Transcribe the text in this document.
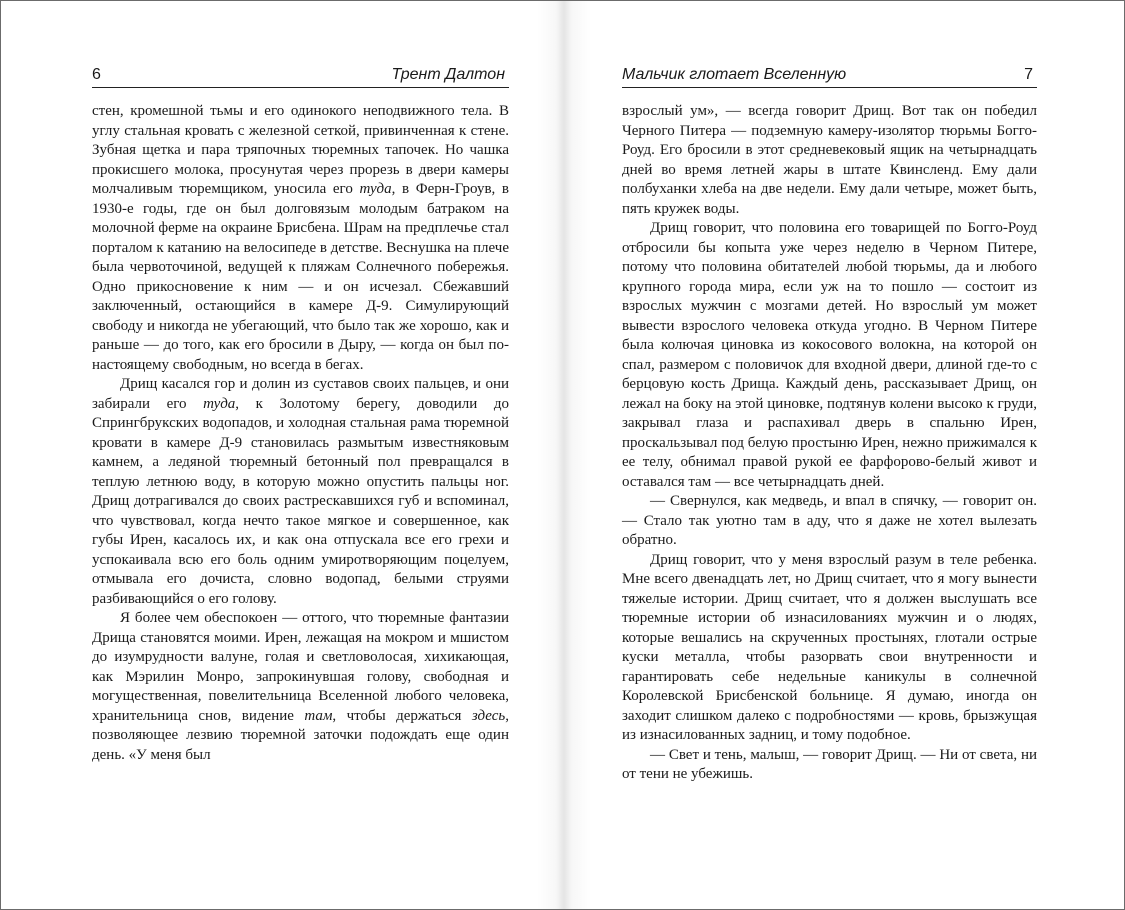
6	Трент Далтон

стен, кромешной тьмы и его одинокого неподвижного тела. В углу стальная кровать с железной сеткой, привинченная к стене. Зубная щетка и пара тряпочных тюремных тапочек. Но чашка прокисшего молока, просунутая через прорезь в двери камеры молчаливым тюремщиком, уносила его туда, в Ферн-Гроув, в 1930-е годы, где он был долговязым молодым батраком на молочной ферме на окраине Брисбена. Шрам на предплечье стал порталом к катанию на велосипеде в детстве. Веснушка на плече была червоточиной, ведущей к пляжам Солнечного побережья. Одно прикосновение к ним — и он исчезал. Сбежавший заключенный, остающийся в камере Д-9. Симулирующий свободу и никогда не убегающий, что было так же хорошо, как и раньше — до того, как его бросили в Дыру, — когда он был по-настоящему свободным, но всегда в бегах.

Дрищ касался гор и долин из суставов своих пальцев, и они забирали его туда, к Золотому берегу, доводили до Спрингбрукских водопадов, и холодная стальная рама тюремной кровати в камере Д-9 становилась размытым известняковым камнем, а ледяной тюремный бетонный пол превращался в теплую летнюю воду, в которую можно опустить пальцы ног. Дрищ дотрагивался до своих растрескавшихся губ и вспоминал, что чувствовал, когда нечто такое мягкое и совершенное, как губы Ирен, касалось их, и как она отпускала все его грехи и успокаивала всю его боль одним умиротворяющим поцелуем, отмывала его дочиста, словно водопад, белыми струями разбивающийся о его голову.

Я более чем обеспокоен — оттого, что тюремные фантазии Дрища становятся моими. Ирен, лежащая на мокром и мшистом до изумрудности валуне, голая и светловолосая, хихикающая, как Мэрилин Монро, запрокинувшая голову, свободная и могущественная, повелительница Вселенной любого человека, хранительница снов, видение там, чтобы держаться здесь, позволяющее лезвию тюремной заточки подождать еще один день. «У меня был

Мальчик глотает Вселенную	7

взрослый ум», — всегда говорит Дрищ. Вот так он победил Черного Питера — подземную камеру-изолятор тюрьмы Богго-Роуд. Его бросили в этот средневековый ящик на четырнадцать дней во время летней жары в штате Квинсленд. Ему дали полбуханки хлеба на две недели. Ему дали четыре, может быть, пять кружек воды.

Дрищ говорит, что половина его товарищей по Богго-Роуд отбросили бы копыта уже через неделю в Черном Питере, потому что половина обитателей любой тюрьмы, да и любого крупного города мира, если уж на то пошло — состоит из взрослых мужчин с мозгами детей. Но взрослый ум может вывести взрослого человека откуда угодно. В Черном Питере была колючая циновка из кокосового волокна, на которой он спал, размером с половичок для входной двери, длиной где-то с берцовую кость Дрища. Каждый день, рассказывает Дрищ, он лежал на боку на этой циновке, подтянув колени высоко к груди, закрывал глаза и распахивал дверь в спальню Ирен, проскальзывал под белую простыню Ирен, нежно прижимался к ее телу, обнимал правой рукой ее фарфорово-белый живот и оставался там — все четырнадцать дней.

— Свернулся, как медведь, и впал в спячку, — говорит он. — Стало так уютно там в аду, что я даже не хотел вылезать обратно.

Дрищ говорит, что у меня взрослый разум в теле ребенка. Мне всего двенадцать лет, но Дрищ считает, что я могу вынести тяжелые истории. Дрищ считает, что я должен выслушать все тюремные истории об изнасилованиях мужчин и о людях, которые вешались на скрученных простынях, глотали острые куски металла, чтобы разорвать свои внутренности и гарантировать себе недельные каникулы в солнечной Королевской Брисбенской больнице. Я думаю, иногда он заходит слишком далеко с подробностями — кровь, брызжущая из изнасилованных задниц, и тому подобное.

— Свет и тень, малыш, — говорит Дрищ. — Ни от света, ни от тени не убежишь.
